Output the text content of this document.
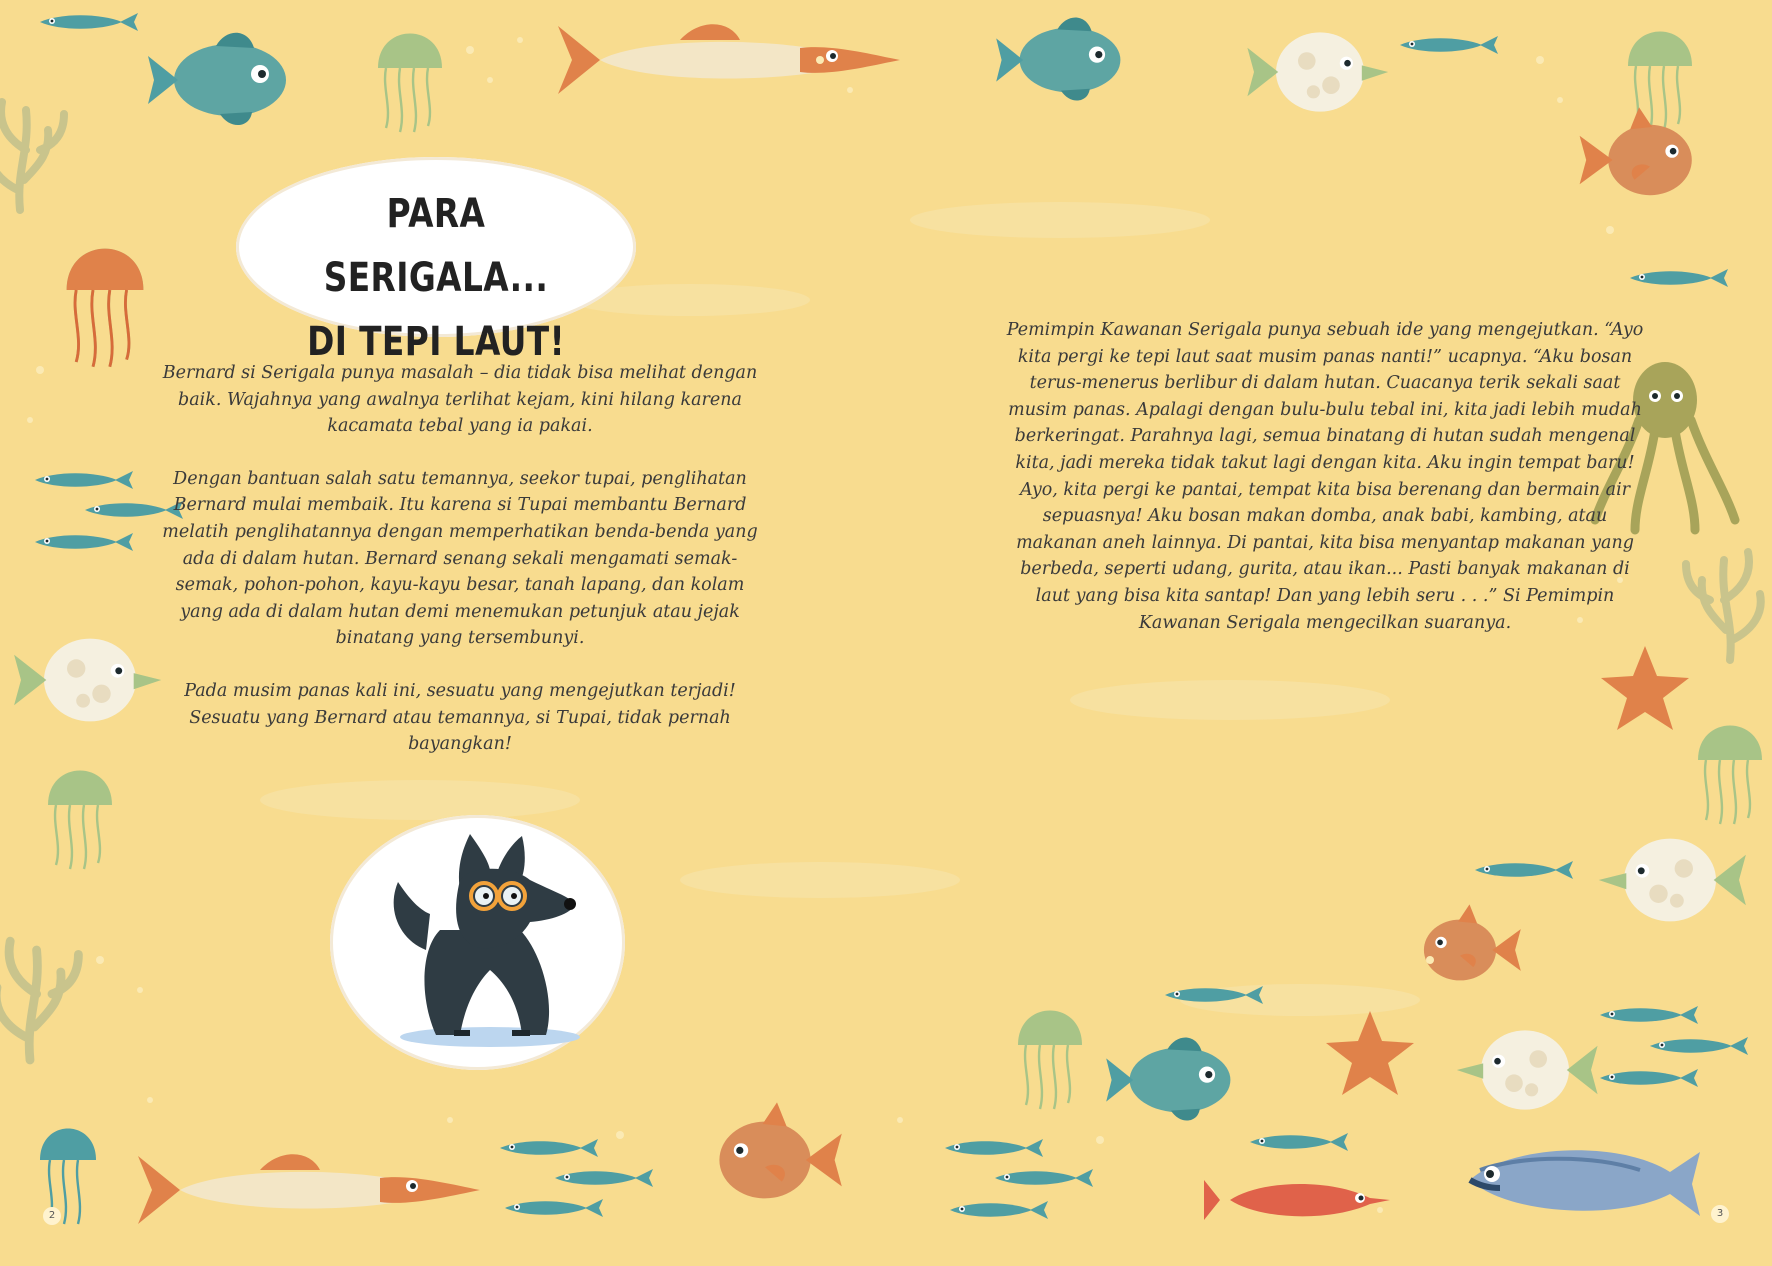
PARA SERIGALA...
DI TEPI LAUT!

Bernard si Serigala punya masalah – dia tidak bisa melihat dengan baik. Wajahnya yang awalnya terlihat kejam, kini hilang karena kacamata tebal yang ia pakai.

Dengan bantuan salah satu temannya, seekor tupai, penglihatan Bernard mulai membaik. Itu karena si Tupai membantu Bernard melatih penglihatannya dengan memperhatikan benda-benda yang ada di dalam hutan. Bernard senang sekali mengamati semak-semak, pohon-pohon, kayu-kayu besar, tanah lapang, dan kolam yang ada di dalam hutan demi menemukan petunjuk atau jejak binatang yang tersembunyi.

Pada musim panas kali ini, sesuatu yang mengejutkan terjadi! Sesuatu yang Bernard atau temannya, si Tupai, tidak pernah bayangkan!

Pemimpin Kawanan Serigala punya sebuah ide yang mengejutkan. “Ayo kita pergi ke tepi laut saat musim panas nanti!” ucapnya. “Aku bosan terus-menerus berlibur di dalam hutan. Cuacanya terik sekali saat musim panas. Apalagi dengan bulu-bulu tebal ini, kita jadi lebih mudah berkeringat. Parahnya lagi, semua binatang di hutan sudah mengenal kita, jadi mereka tidak takut lagi dengan kita. Aku ingin tempat baru! Ayo, kita pergi ke pantai, tempat kita bisa berenang dan bermain air sepuasnya! Aku bosan makan domba, anak babi, kambing, atau makanan aneh lainnya. Di pantai, kita bisa menyantap makanan yang berbeda, seperti udang, gurita, atau ikan... Pasti banyak makanan di laut yang bisa kita santap! Dan yang lebih seru . . .” Si Pemimpin Kawanan Serigala mengecilkan suaranya.

2	3
